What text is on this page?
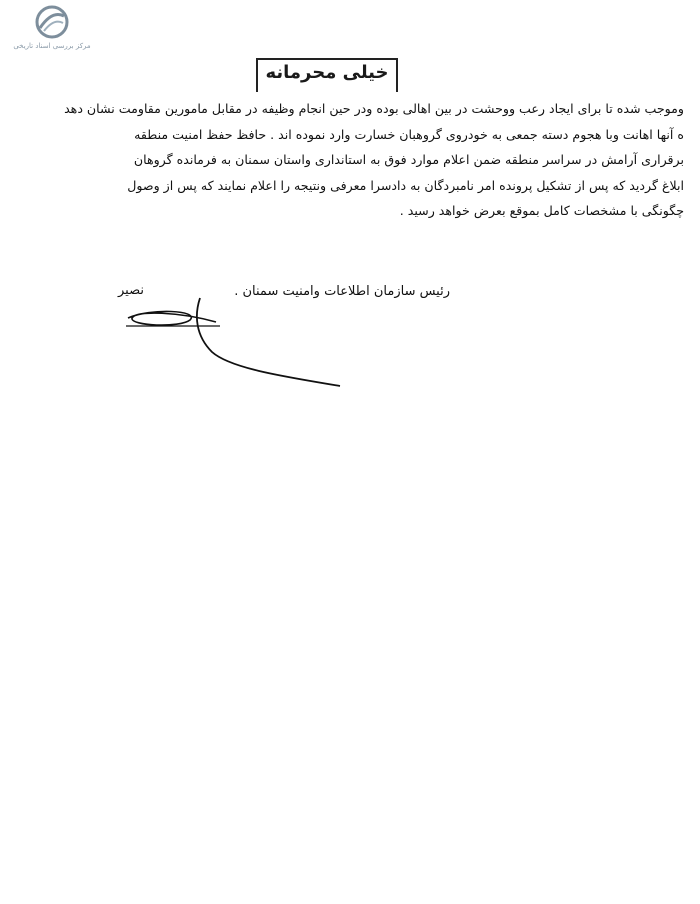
مرکز بررسی اسناد تاریخی
خیلی محرمانه
وموجب شده تا برای ایجاد رعب ووحشت در بین اهالی بوده ودر حین انجام وظیفه در مقابل مامورین مقاومت نشان دهد
ه آنها اهانت وبا هجوم دسته جمعی به خودروی گروهبان خسارت وارد نموده اند . حافظ حفظ امنیت منطقه
برقراری آرامش در سراسر منطقه ضمن اعلام موارد فوق به استانداری واستان سمنان به فرمانده گروهان
ابلاغ گردید که پس از تشکیل پرونده امر نامبردگان به دادسرا معرفی ونتیجه را اعلام نمایند که پس از وصول
چگونگی با مشخصات کامل بموقع بعرض خواهد رسید .
رئیس سازمان اطلاعات وامنیت سمنان .
نصیر
